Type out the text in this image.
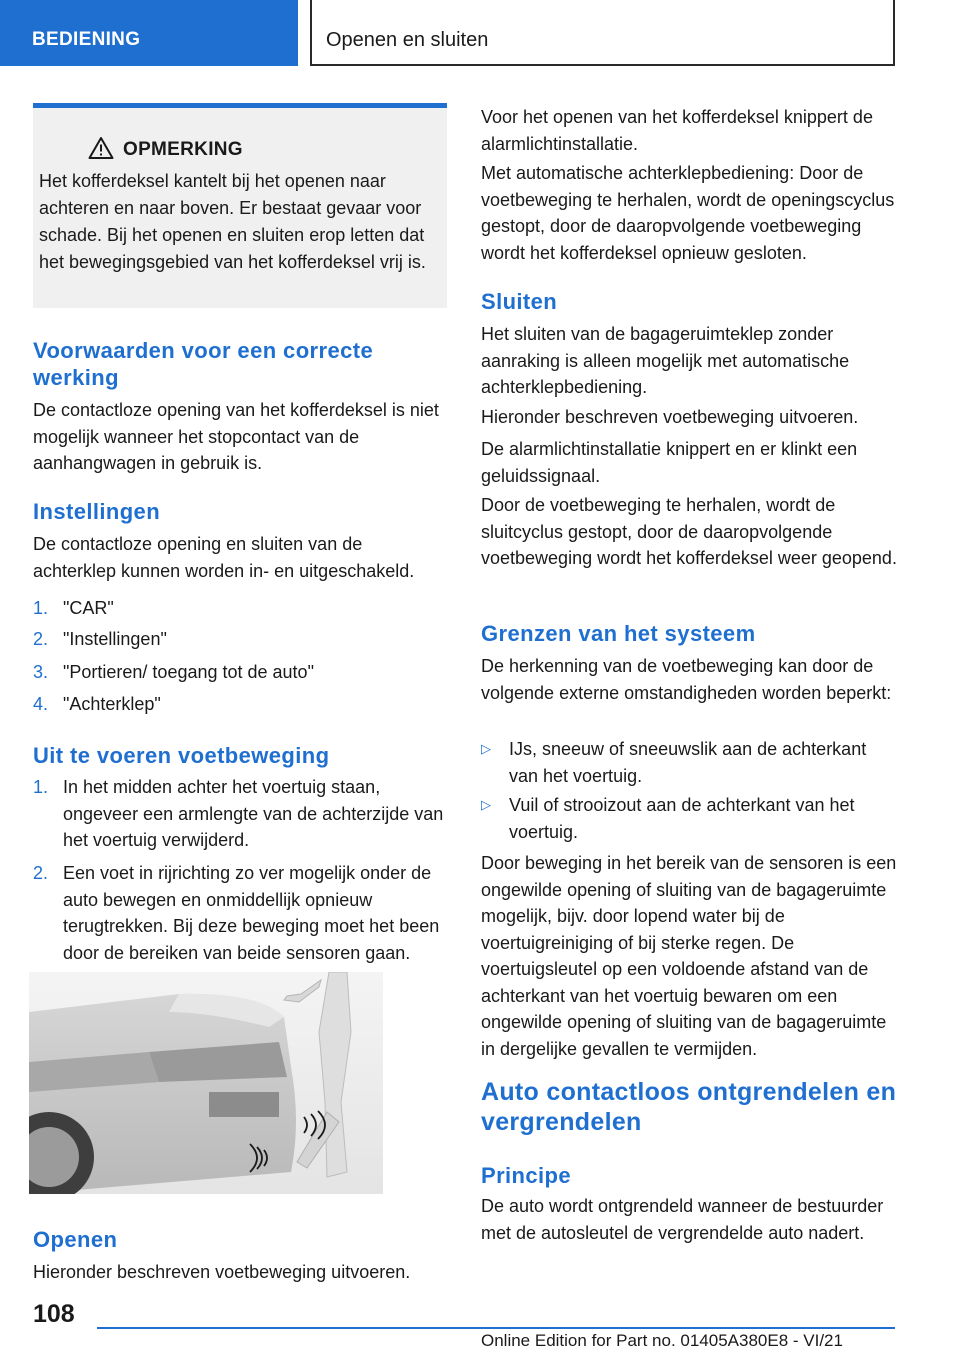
BEDIENING	Openen en sluiten
OPMERKING
Het kofferdeksel kantelt bij het openen naar achteren en naar boven. Er bestaat gevaar voor schade. Bij het openen en sluiten erop letten dat het bewegingsgebied van het kofferdeksel vrij is.
Voorwaarden voor een correcte werking

De contactloze opening van het kofferdeksel is niet mogelijk wanneer het stopcontact van de aanhangwagen in gebruik is.

Instellingen

De contactloze opening en sluiten van de achterklep kunnen worden in- en uitgeschakeld.

1. "CAR"
2. "Instellingen"
3. "Portieren/ toegang tot de auto"
4. "Achterklep"
Uit te voeren voetbeweging
1. In het midden achter het voertuig staan, ongeveer een armlengte van de achterzijde van het voertuig verwijderd.
2. Een voet in rijrichting zo ver mogelijk onder de auto bewegen en onmiddellijk opnieuw terugtrekken. Bij deze beweging moet het been door de bereiken van beide sensoren gaan.
Openen

Hieronder beschreven voetbeweging uitvoeren.

Voor het openen van het kofferdeksel knippert de alarmlichtinstallatie.

Met automatische achterklepbediening: Door de voetbeweging te herhalen, wordt de openingscyclus gestopt, door de daaropvolgende voetbeweging wordt het kofferdeksel opnieuw gesloten.

Sluiten

Het sluiten van de bagageruimteklep zonder aanraking is alleen mogelijk met automatische achterklepbediening.

Hieronder beschreven voetbeweging uitvoeren.

De alarmlichtinstallatie knippert en er klinkt een geluidssignaal.

Door de voetbeweging te herhalen, wordt de sluitcyclus gestopt, door de daaropvolgende voetbeweging wordt het kofferdeksel weer geopend.

Grenzen van het systeem

De herkenning van de voetbeweging kan door de volgende externe omstandigheden worden beperkt:

▷ IJs, sneeuw of sneeuwslik aan de achterkant van het voertuig.
▷ Vuil of strooizout aan de achterkant van het voertuig.

Door beweging in het bereik van de sensoren is een ongewilde opening of sluiting van de bagageruimte mogelijk, bijv. door lopend water bij de voertuigreiniging of bij sterke regen. De voertuigsleutel op een voldoende afstand van de achterkant van het voertuig bewaren om een ongewilde opening of sluiting van de bagageruimte in dergelijke gevallen te vermijden.

Auto contactloos ontgrendelen en vergrendelen
Principe

De auto wordt ontgrendeld wanneer de bestuurder met de autosleutel de vergrendelde auto nadert.

108
Online Edition for Part no. 01405A380E8 - VI/21
